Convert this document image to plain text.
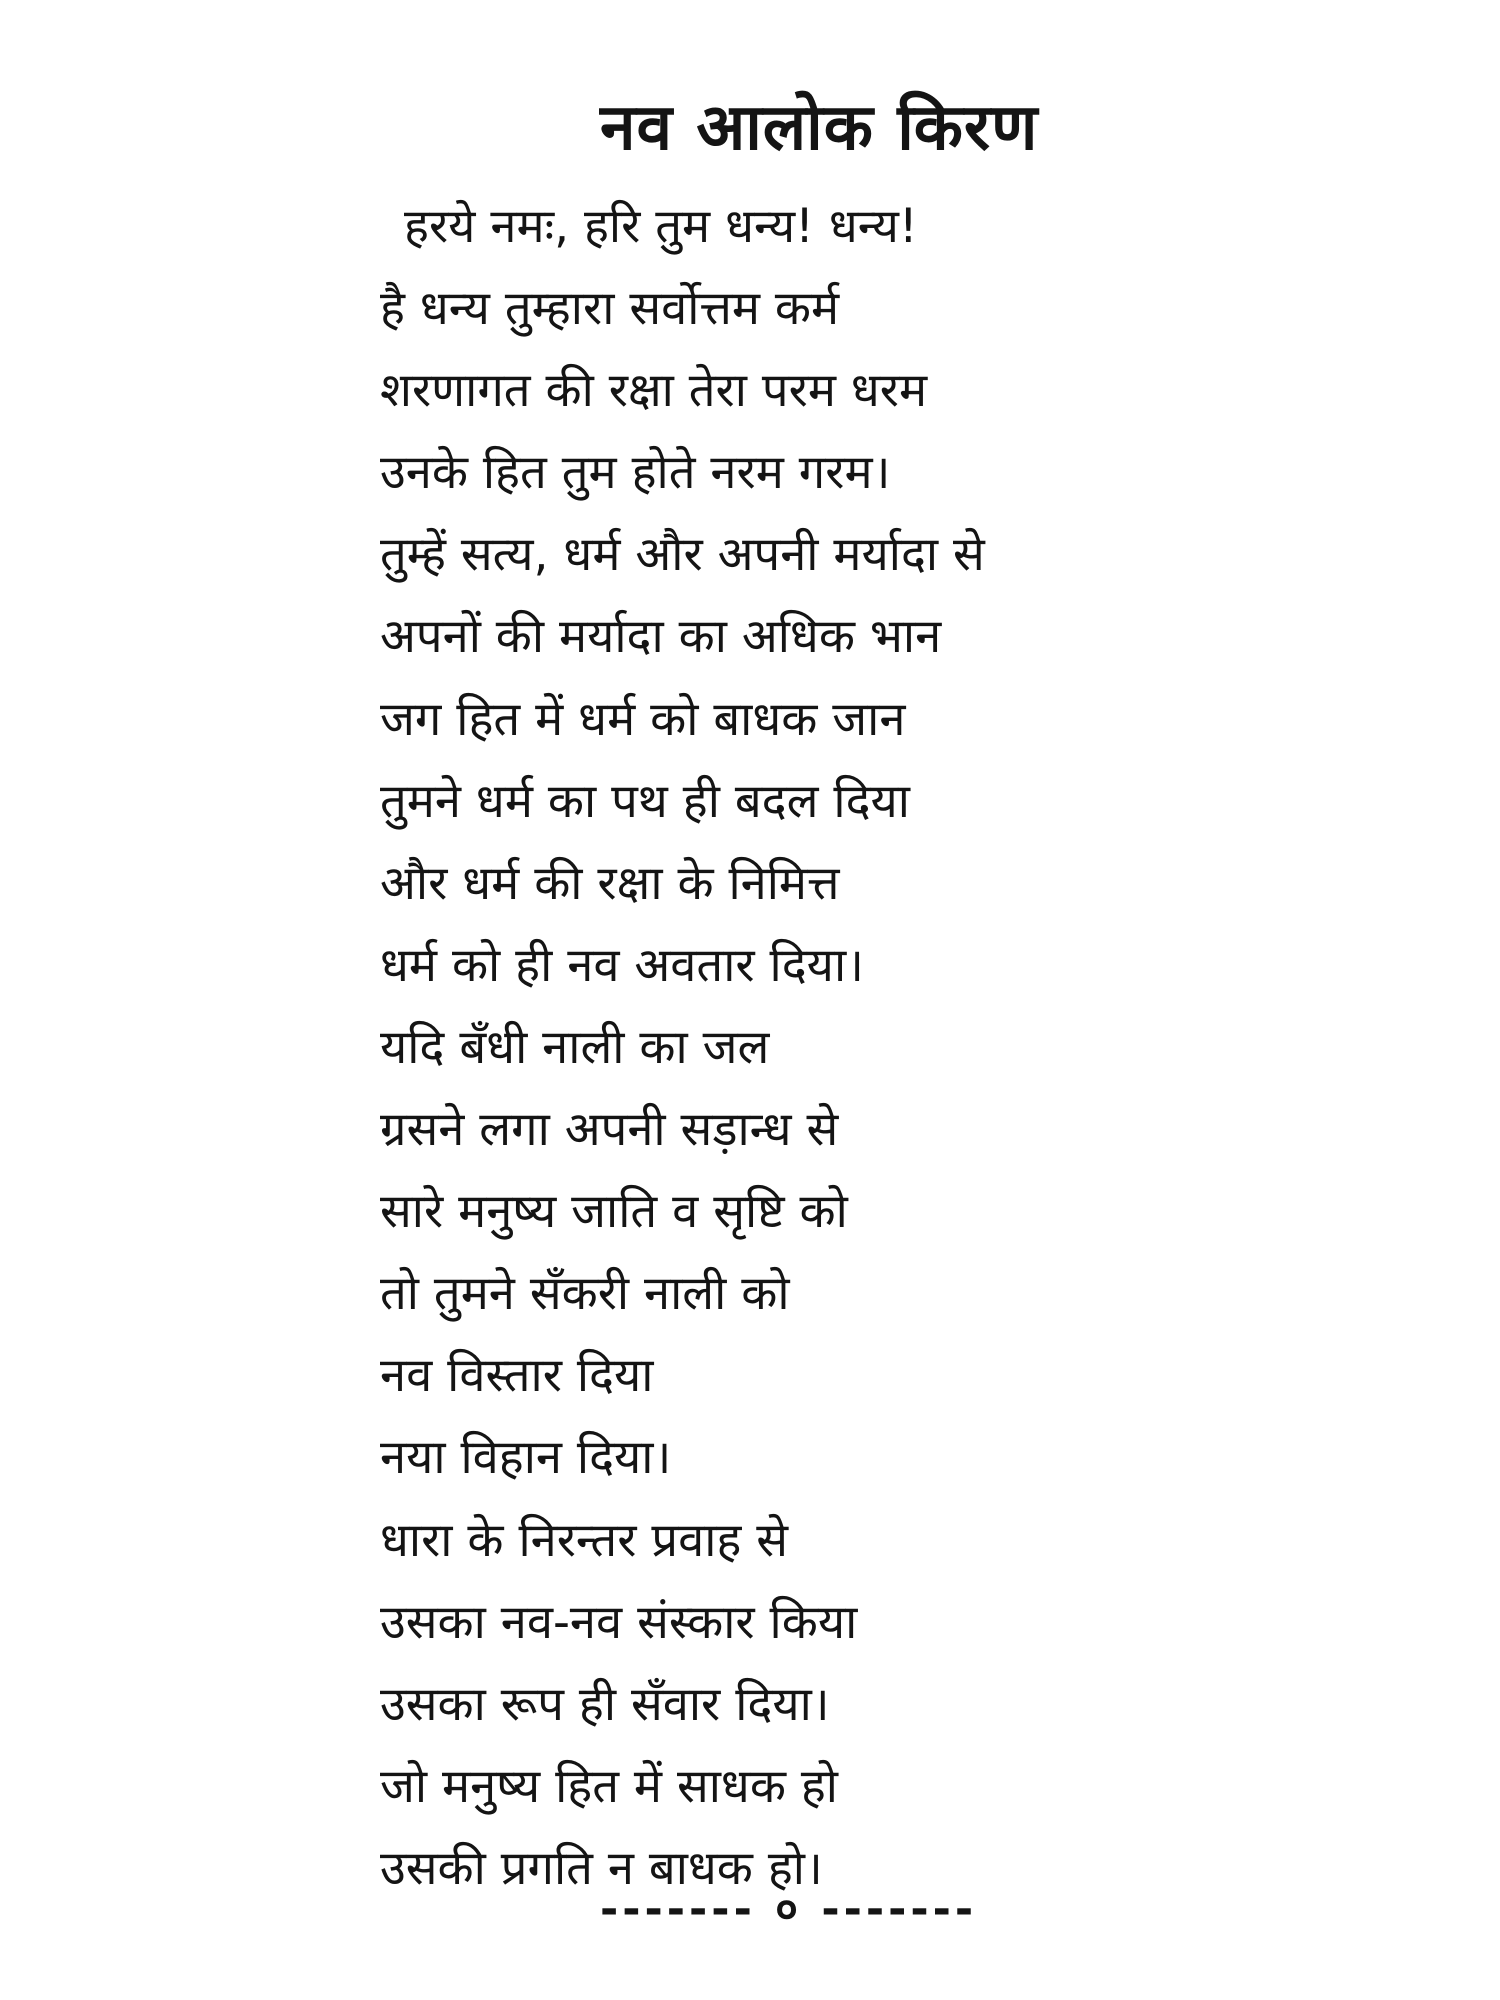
नव आलोक किरण
हरये नमः, हरि तुम धन्य! धन्य!
है धन्य तुम्हारा सर्वोत्तम कर्म
शरणागत की रक्षा तेरा परम धरम
उनके हित तुम होते नरम गरम।
तुम्हें सत्य, धर्म और अपनी मर्यादा से
अपनों की मर्यादा का अधिक भान
जग हित में धर्म को बाधक जान
तुमने धर्म का पथ ही बदल दिया
और धर्म की रक्षा के निमित्त
धर्म को ही नव अवतार दिया।
यदि बँधी नाली का जल
ग्रसने लगा अपनी सड़ान्ध से
सारे मनुष्य जाति व सृष्टि को
तो तुमने सँकरी नाली को
नव विस्तार दिया
नया विहान दिया।
धारा के निरन्तर प्रवाह से
उसका नव-नव संस्कार किया
उसका रूप ही सँवार दिया।
जो मनुष्य हित में साधक हो
उसकी प्रगति न बाधक हो।
------- ० -------
